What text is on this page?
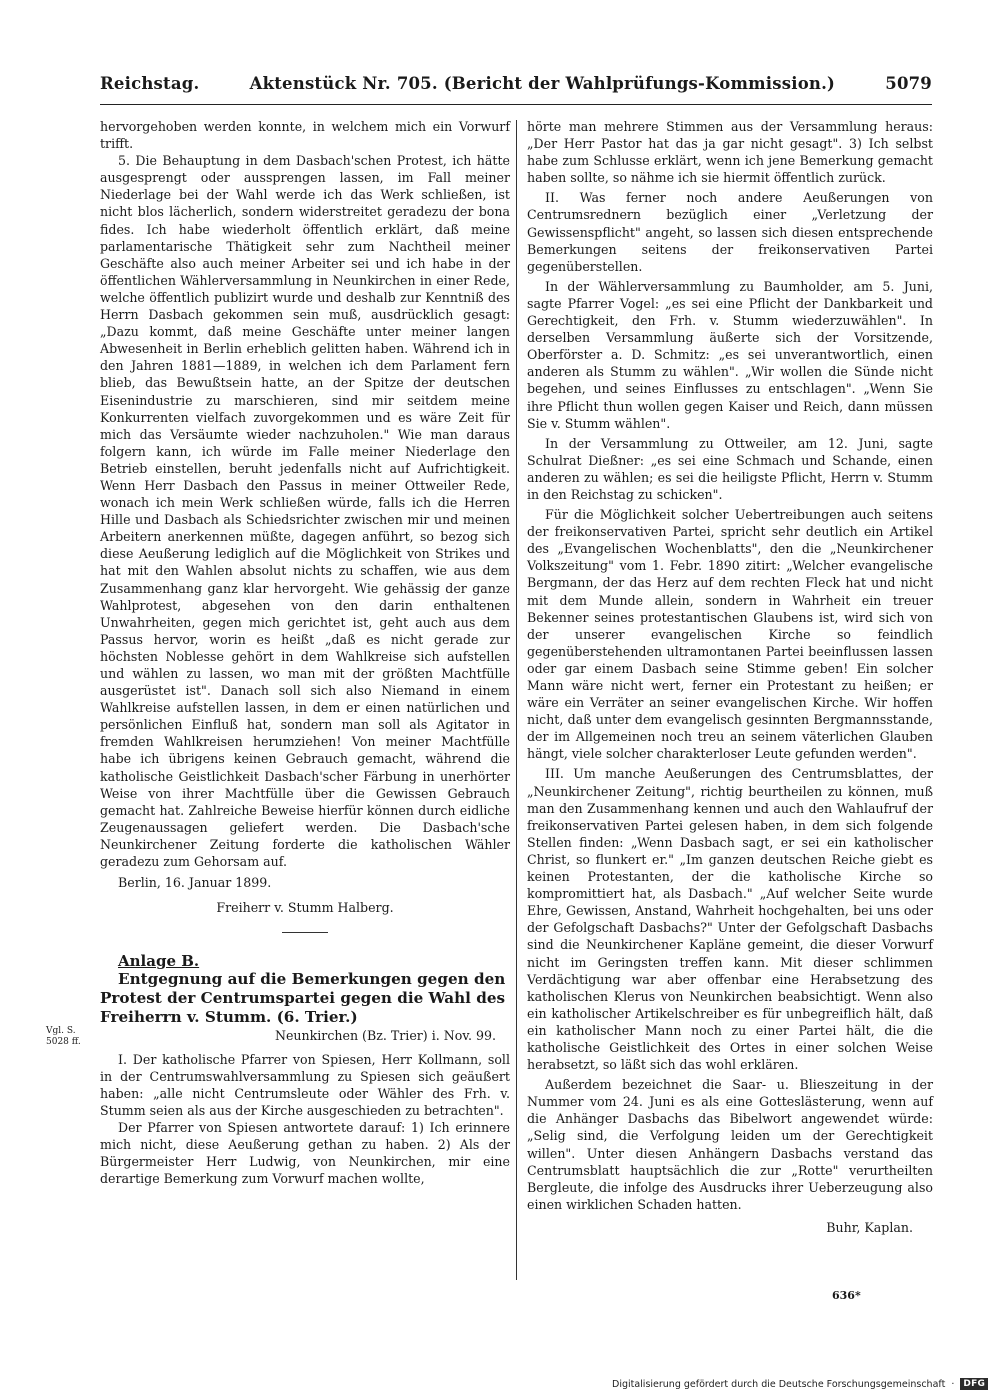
Reichstag.	Aktenstück Nr. 705. (Bericht der Wahlprüfungs-Kommission.)	5079

hervorgehoben werden konnte, in welchem mich ein Vorwurf trifft.

5. Die Behauptung in dem Dasbach'schen Protest, ich hätte ausgesprengt oder aussprengen lassen, im Fall meiner Niederlage bei der Wahl werde ich das Werk schließen, ist nicht blos lächerlich, sondern widerstreitet geradezu der bona fides. Ich habe wiederholt öffentlich erklärt, daß meine parlamentarische Thätigkeit sehr zum Nachtheil meiner Geschäfte also auch meiner Arbeiter sei und ich habe in der öffentlichen Wählerversammlung in Neunkirchen in einer Rede, welche öffentlich publizirt wurde und deshalb zur Kenntniß des Herrn Dasbach gekommen sein muß, ausdrücklich gesagt: „Dazu kommt, daß meine Geschäfte unter meiner langen Abwesenheit in Berlin erheblich gelitten haben. Während ich in den Jahren 1881—1889, in welchen ich dem Parlament fern blieb, das Bewußtsein hatte, an der Spitze der deutschen Eisenindustrie zu marschieren, sind mir seitdem meine Konkurrenten vielfach zuvorgekommen und es wäre Zeit für mich das Versäumte wieder nachzuholen." Wie man daraus folgern kann, ich würde im Falle meiner Niederlage den Betrieb einstellen, beruht jedenfalls nicht auf Aufrichtigkeit. Wenn Herr Dasbach den Passus in meiner Ottweiler Rede, wonach ich mein Werk schließen würde, falls ich die Herren Hille und Dasbach als Schiedsrichter zwischen mir und meinen Arbeitern anerkennen müßte, dagegen anführt, so bezog sich diese Aeußerung lediglich auf die Möglichkeit von Strikes und hat mit den Wahlen absolut nichts zu schaffen, wie aus dem Zusammenhang ganz klar hervorgeht. Wie gehässig der ganze Wahlprotest, abgesehen von den darin enthaltenen Unwahrheiten, gegen mich gerichtet ist, geht auch aus dem Passus hervor, worin es heißt „daß es nicht gerade zur höchsten Noblesse gehört in dem Wahlkreise sich aufstellen und wählen zu lassen, wo man mit der größten Machtfülle ausgerüstet ist". Danach soll sich also Niemand in einem Wahlkreise aufstellen lassen, in dem er einen natürlichen und persönlichen Einfluß hat, sondern man soll als Agitator in fremden Wahlkreisen herumziehen! Von meiner Machtfülle habe ich übrigens keinen Gebrauch gemacht, während die katholische Geistlichkeit Dasbach'scher Färbung in unerhörter Weise von ihrer Machtfülle über die Gewissen Gebrauch gemacht hat. Zahlreiche Beweise hierfür können durch eidliche Zeugenaussagen geliefert werden. Die Dasbach'sche Neunkirchener Zeitung forderte die katholischen Wähler geradezu zum Gehorsam auf.

Berlin, 16. Januar 1899.

Freiherr v. Stumm Halberg.

Anlage B.

Entgegnung auf die Bemerkungen gegen den Protest der Centrumspartei gegen die Wahl des Freiherrn v. Stumm. (6. Trier.)

Neunkirchen (Bz. Trier) i. Nov. 99.

I. Der katholische Pfarrer von Spiesen, Herr Kollmann, soll in der Centrumswahlversammlung zu Spiesen sich geäußert haben: „alle nicht Centrumsleute oder Wähler des Frh. v. Stumm seien als aus der Kirche ausgeschieden zu betrachten".

Der Pfarrer von Spiesen antwortete darauf: 1) Ich erinnere mich nicht, diese Aeußerung gethan zu haben. 2) Als der Bürgermeister Herr Ludwig, von Neunkirchen, mir eine derartige Bemerkung zum Vorwurf machen wollte,

Vgl. S. 5028 ff.

hörte man mehrere Stimmen aus der Versammlung heraus: „Der Herr Pastor hat das ja gar nicht gesagt". 3) Ich selbst habe zum Schlusse erklärt, wenn ich jene Bemerkung gemacht haben sollte, so nähme ich sie hiermit öffentlich zurück.

II. Was ferner noch andere Aeußerungen von Centrumsrednern bezüglich einer „Verletzung der Gewissenspflicht" angeht, so lassen sich diesen entsprechende Bemerkungen seitens der freikonservativen Partei gegenüberstellen.

In der Wählerversammlung zu Baumholder, am 5. Juni, sagte Pfarrer Vogel: „es sei eine Pflicht der Dankbarkeit und Gerechtigkeit, den Frh. v. Stumm wiederzuwählen". In derselben Versammlung äußerte sich der Vorsitzende, Oberförster a. D. Schmitz: „es sei unverantwortlich, einen anderen als Stumm zu wählen". „Wir wollen die Sünde nicht begehen, und seines Einflusses zu entschlagen". „Wenn Sie ihre Pflicht thun wollen gegen Kaiser und Reich, dann müssen Sie v. Stumm wählen".

In der Versammlung zu Ottweiler, am 12. Juni, sagte Schulrat Dießner: „es sei eine Schmach und Schande, einen anderen zu wählen; es sei die heiligste Pflicht, Herrn v. Stumm in den Reichstag zu schicken".

Für die Möglichkeit solcher Uebertreibungen auch seitens der freikonservativen Partei, spricht sehr deutlich ein Artikel des „Evangelischen Wochenblatts", den die „Neunkirchener Volkszeitung" vom 1. Febr. 1890 zitirt: „Welcher evangelische Bergmann, der das Herz auf dem rechten Fleck hat und nicht mit dem Munde allein, sondern in Wahrheit ein treuer Bekenner seines protestantischen Glaubens ist, wird sich von der unserer evangelischen Kirche so feindlich gegenüberstehenden ultramontanen Partei beeinflussen lassen oder gar einem Dasbach seine Stimme geben! Ein solcher Mann wäre nicht wert, ferner ein Protestant zu heißen; er wäre ein Verräter an seiner evangelischen Kirche. Wir hoffen nicht, daß unter dem evangelisch gesinnten Bergmannsstande, der im Allgemeinen noch treu an seinem väterlichen Glauben hängt, viele solcher charakterloser Leute gefunden werden".

III. Um manche Aeußerungen des Centrumsblattes, der „Neunkirchener Zeitung", richtig beurtheilen zu können, muß man den Zusammenhang kennen und auch den Wahlaufruf der freikonservativen Partei gelesen haben, in dem sich folgende Stellen finden: „Wenn Dasbach sagt, er sei ein katholischer Christ, so flunkert er." „Im ganzen deutschen Reiche giebt es keinen Protestanten, der die katholische Kirche so kompromittiert hat, als Dasbach." „Auf welcher Seite wurde Ehre, Gewissen, Anstand, Wahrheit hochgehalten, bei uns oder der Gefolgschaft Dasbachs?" Unter der Gefolgschaft Dasbachs sind die Neunkirchener Kapläne gemeint, die dieser Vorwurf nicht im Geringsten treffen kann. Mit dieser schlimmen Verdächtigung war aber offenbar eine Herabsetzung des katholischen Klerus von Neunkirchen beabsichtigt. Wenn also ein katholischer Artikelschreiber es für unbegreiflich hält, daß ein katholischer Mann noch zu einer Partei hält, die die katholische Geistlichkeit des Ortes in einer solchen Weise herabsetzt, so läßt sich das wohl erklären.

Außerdem bezeichnet die Saar- u. Blieszeitung in der Nummer vom 24. Juni es als eine Gotteslästerung, wenn auf die Anhänger Dasbachs das Bibelwort angewendet würde: „Selig sind, die Verfolgung leiden um der Gerechtigkeit willen". Unter diesen Anhängern Dasbachs verstand das Centrumsblatt hauptsächlich die zur „Rotte" verurtheilten Bergleute, die infolge des Ausdrucks ihrer Ueberzeugung also einen wirklichen Schaden hatten.

Buhr, Kaplan.

636*
Digitalisierung gefördert durch die Deutsche Forschungsgemeinschaft ·	DFG
